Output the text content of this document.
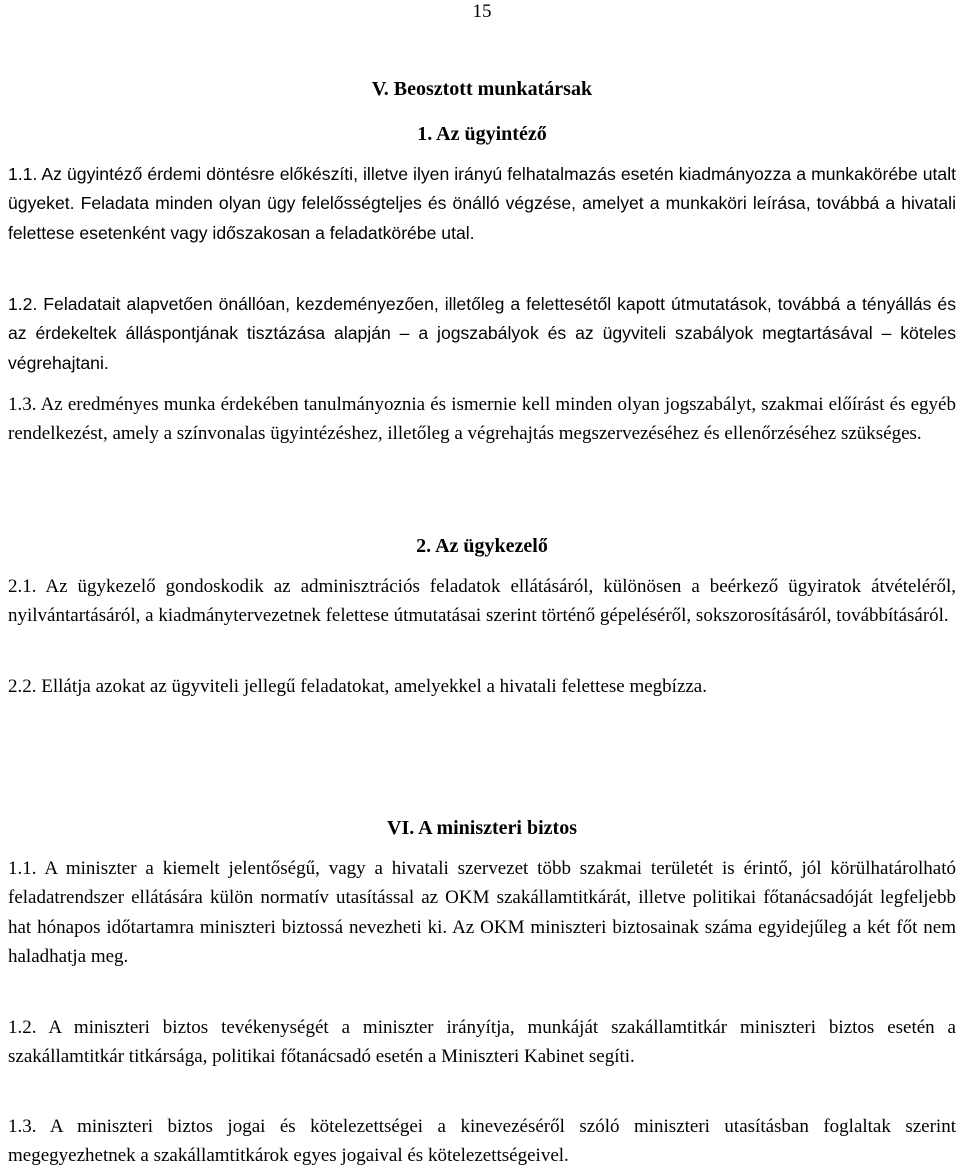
15
V. Beosztott munkatársak
1. Az ügyintéző
1.1. Az ügyintéző érdemi döntésre előkészíti, illetve ilyen irányú felhatalmazás esetén kiadmányozza a munkakörébe utalt ügyeket. Feladata minden olyan ügy felelősségteljes és önálló végzése, amelyet a munkaköri leírása, továbbá a hivatali felettese esetenként vagy időszakosan a feladatkörébe utal.
1.2. Feladatait alapvetően önállóan, kezdeményezően, illetőleg a felettesétől kapott útmutatások, továbbá a tényállás és az érdekeltek álláspontjának tisztázása alapján – a jogszabályok és az ügyviteli szabályok megtartásával – köteles végrehajtani.
1.3. Az eredményes munka érdekében tanulmányoznia és ismernie kell minden olyan jogszabályt, szakmai előírást és egyéb rendelkezést, amely a színvonalas ügyintézéshez, illetőleg a végrehajtás megszervezéséhez és ellenőrzéséhez szükséges.
2. Az ügykezelő
2.1. Az ügykezelő gondoskodik az adminisztrációs feladatok ellátásáról, különösen a beérkező ügyiratok átvételéről, nyilvántartásáról, a kiadmánytervezetnek felettese útmutatásai szerint történő gépeléséről, sokszorosításáról, továbbításáról.
2.2. Ellátja azokat az ügyviteli jellegű feladatokat, amelyekkel a hivatali felettese megbízza.
VI. A miniszteri biztos
1.1. A miniszter a kiemelt jelentőségű, vagy a hivatali szervezet több szakmai területét is érintő, jól körülhatárolható feladatrendszer ellátására külön normatív utasítással az OKM szakállamtitkárát, illetve politikai főtanácsadóját legfeljebb hat hónapos időtartamra miniszteri biztossá nevezheti ki. Az OKM miniszteri biztosainak száma egyidejűleg a két főt nem haladhatja meg.
1.2. A miniszteri biztos tevékenységét a miniszter irányítja, munkáját szakállamtitkár miniszteri biztos esetén a szakállamtitkár titkársága, politikai főtanácsadó esetén a Miniszteri Kabinet segíti.
1.3. A miniszteri biztos jogai és kötelezettségei a kinevezéséről szóló miniszteri utasításban foglaltak szerint megegyezhetnek a szakállamtitkárok egyes jogaival és kötelezettségeivel.
